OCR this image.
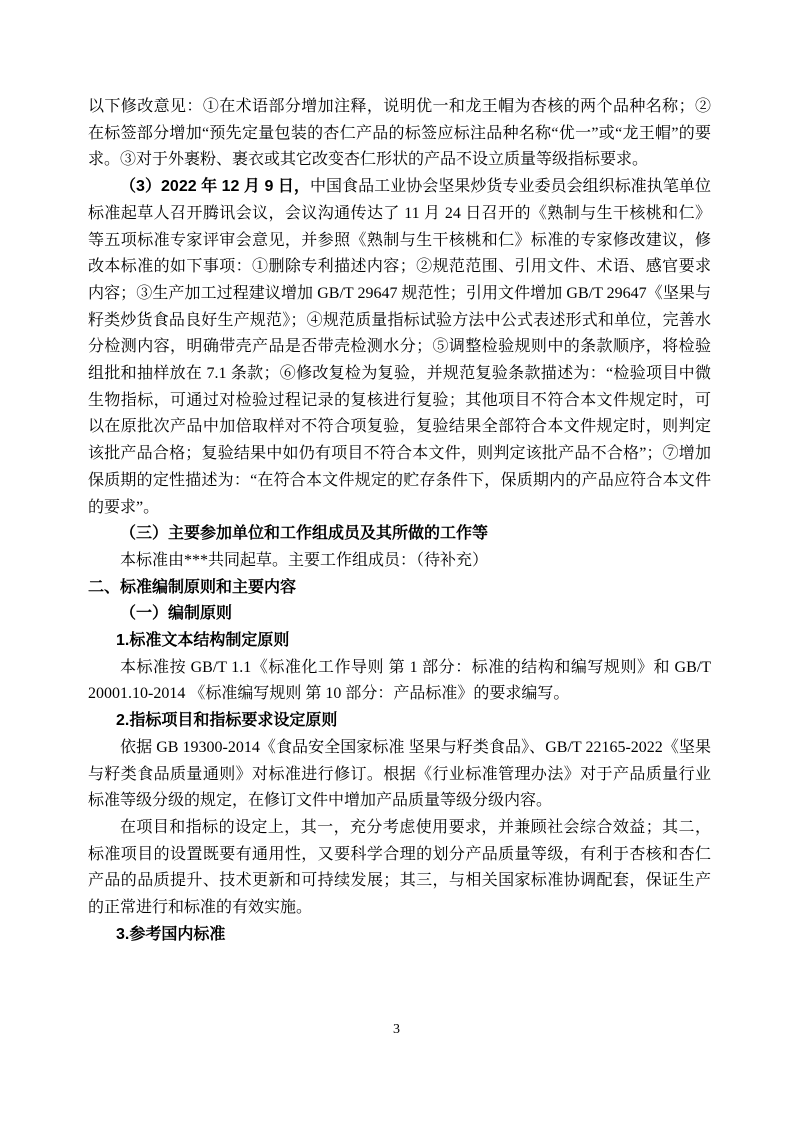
以下修改意见：①在术语部分增加注释，说明优一和龙王帽为杏核的两个品种名称；②在标签部分增加“预先定量包装的杏仁产品的标签应标注品种名称“优一”或“龙王帽”的要求。③对于外裹粉、裹衣或其它改变杏仁形状的产品不设立质量等级指标要求。

（3）2022 年 12 月 9 日，中国食品工业协会坚果炒货专业委员会组织标准执笔单位标准起草人召开腾讯会议，会议沟通传达了 11 月 24 日召开的《熟制与生干核桃和仁》等五项标准专家评审会意见，并参照《熟制与生干核桃和仁》标准的专家修改建议，修改本标准的如下事项：①删除专利描述内容；②规范范围、引用文件、术语、感官要求内容；③生产加工过程建议增加 GB/T 29647 规范性；引用文件增加 GB/T 29647《坚果与籽类炒货食品良好生产规范》；④规范质量指标试验方法中公式表述形式和单位，完善水分检测内容，明确带壳产品是否带壳检测水分；⑤调整检验规则中的条款顺序，将检验组批和抽样放在 7.1 条款；⑥修改复检为复验，并规范复验条款描述为：“检验项目中微生物指标，可通过对检验过程记录的复核进行复验；其他项目不符合本文件规定时，可以在原批次产品中加倍取样对不符合项复验，复验结果全部符合本文件规定时，则判定该批产品合格；复验结果中如仍有项目不符合本文件，则判定该批产品不合格”；⑦增加保质期的定性描述为：“在符合本文件规定的贮存条件下，保质期内的产品应符合本文件的要求”。

（三）主要参加单位和工作组成员及其所做的工作等

本标准由***共同起草。主要工作组成员：（待补充）

二、标准编制原则和主要内容

（一）编制原则

1.标准文本结构制定原则

本标准按 GB/T 1.1《标准化工作导则 第 1 部分：标准的结构和编写规则》和 GB/T 20001.10-2014 《标准编写规则 第 10 部分：产品标准》的要求编写。

2.指标项目和指标要求设定原则

依据 GB 19300-2014《食品安全国家标准 坚果与籽类食品》、GB/T 22165-2022《坚果与籽类食品质量通则》对标准进行修订。根据《行业标准管理办法》对于产品质量行业标准等级分级的规定，在修订文件中增加产品质量等级分级内容。

在项目和指标的设定上，其一，充分考虑使用要求，并兼顾社会综合效益；其二，标准项目的设置既要有通用性，又要科学合理的划分产品质量等级，有利于杏核和杏仁产品的品质提升、技术更新和可持续发展；其三，与相关国家标准协调配套，保证生产的正常进行和标准的有效实施。

3.参考国内标准

3
